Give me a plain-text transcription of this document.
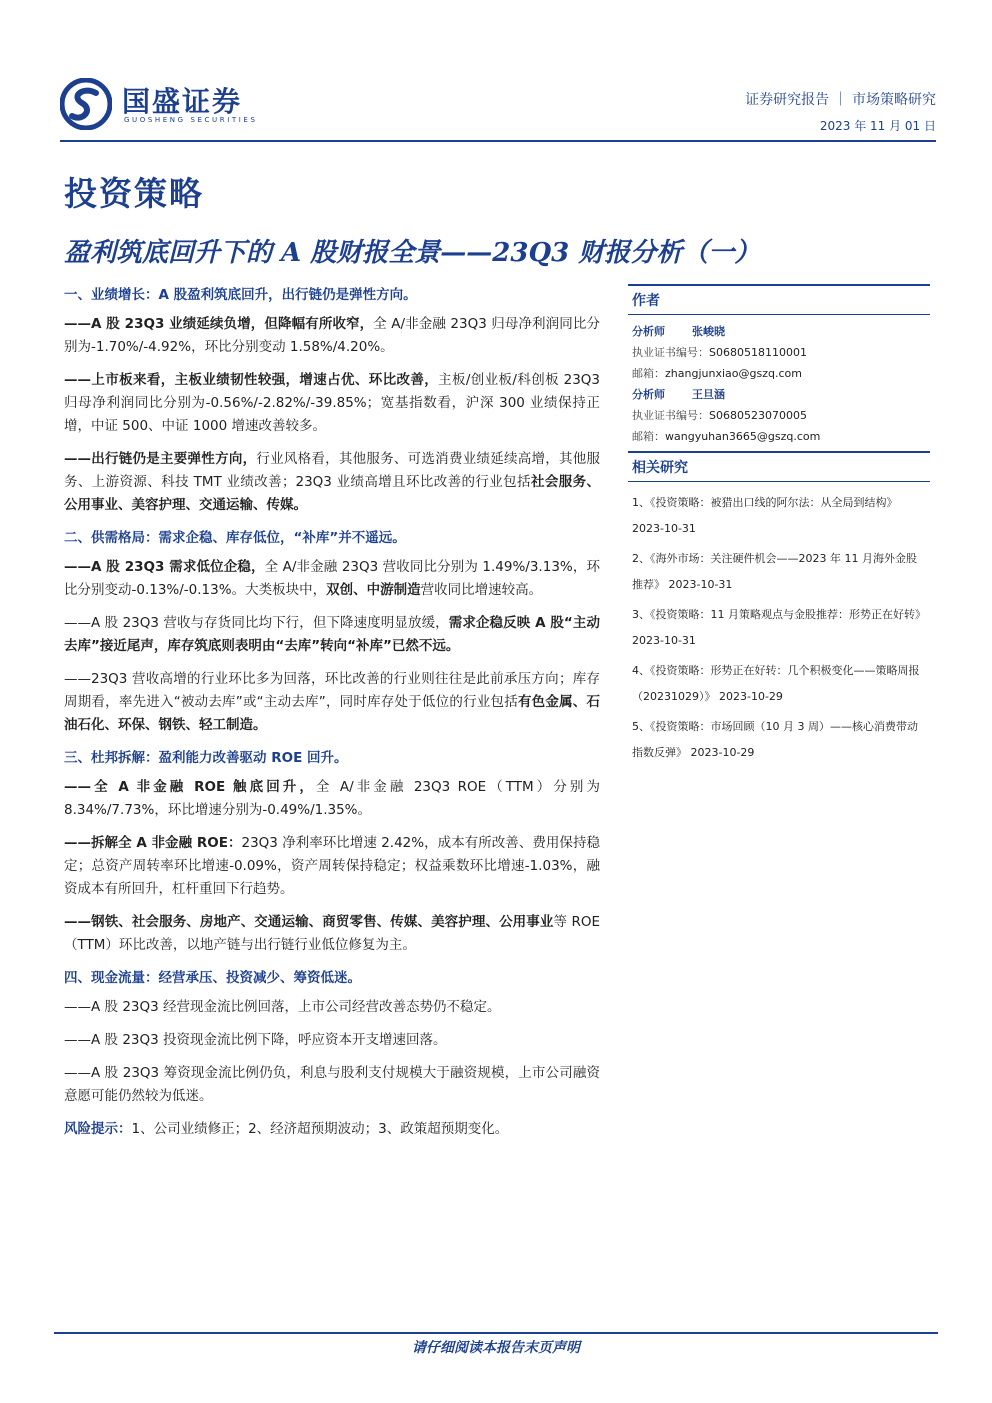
国盛证券
GUOSHENG SECURITIES
证券研究报告 ｜ 市场策略研究
2023 年 11 月 01 日
投资策略
盈利筑底回升下的 A 股财报全景——23Q3 财报分析（一）
一、业绩增长：A 股盈利筑底回升，出行链仍是弹性方向。
——A 股 23Q3 业绩延续负增，但降幅有所收窄，全 A/非金融 23Q3 归母净利润同比分别为-1.70%/-4.92%，环比分别变动 1.58%/4.20%。
——上市板来看，主板业绩韧性较强，增速占优、环比改善，主板/创业板/科创板 23Q3 归母净利润同比分别为-0.56%/-2.82%/-39.85%；宽基指数看，沪深 300 业绩保持正增，中证 500、中证 1000 增速改善较多。
——出行链仍是主要弹性方向，行业风格看，其他服务、可选消费业绩延续高增，其他服务、上游资源、科技 TMT 业绩改善；23Q3 业绩高增且环比改善的行业包括社会服务、公用事业、美容护理、交通运输、传媒。
二、供需格局：需求企稳、库存低位，“补库”并不遥远。
——A 股 23Q3 需求低位企稳，全 A/非金融 23Q3 营收同比分别为 1.49%/3.13%，环比分别变动-0.13%/-0.13%。大类板块中，双创、中游制造营收同比增速较高。
——A 股 23Q3 营收与存货同比均下行，但下降速度明显放缓，需求企稳反映 A 股“主动去库”接近尾声，库存筑底则表明由“去库”转向“补库”已然不远。
——23Q3 营收高增的行业环比多为回落，环比改善的行业则往往是此前承压方向；库存周期看，率先进入“被动去库”或“主动去库”，同时库存处于低位的行业包括有色金属、石油石化、环保、钢铁、轻工制造。
三、杜邦拆解：盈利能力改善驱动 ROE 回升。
——全 A 非金融 ROE 触底回升，全 A/非金融 23Q3 ROE（TTM）分别为 8.34%/7.73%，环比增速分别为-0.49%/1.35%。
——拆解全 A 非金融 ROE：23Q3 净利率环比增速 2.42%，成本有所改善、费用保持稳定；总资产周转率环比增速-0.09%，资产周转保持稳定；权益乘数环比增速-1.03%，融资成本有所回升，杠杆重回下行趋势。
——钢铁、社会服务、房地产、交通运输、商贸零售、传媒、美容护理、公用事业等 ROE（TTM）环比改善，以地产链与出行链行业低位修复为主。
四、现金流量：经营承压、投资减少、筹资低迷。
——A 股 23Q3 经营现金流比例回落，上市公司经营改善态势仍不稳定。
——A 股 23Q3 投资现金流比例下降，呼应资本开支增速回落。
——A 股 23Q3 筹资现金流比例仍负，利息与股利支付规模大于融资规模，上市公司融资意愿可能仍然较为低迷。
风险提示：1、公司业绩修正；2、经济超预期波动；3、政策超预期变化。
作者
分析师 张峻晓
执业证书编号：S0680518110001
邮箱：zhangjunxiao@gszq.com
分析师 王旦涵
执业证书编号：S0680523070005
邮箱：wangyuhan3665@gszq.com
相关研究
1、《投资策略：被猎出口线的阿尔法：从全局到结构》 2023-10-31
2、《海外市场：关注硬件机会——2023 年 11 月海外金股推荐》 2023-10-31
3、《投资策略：11 月策略观点与金股推荐：形势正在好转》 2023-10-31
4、《投资策略：形势正在好转：几个积极变化——策略周报（20231029）》 2023-10-29
5、《投资策略：市场回顾（10 月 3 周）——核心消费带动指数反弹》 2023-10-29
请仔细阅读本报告末页声明
